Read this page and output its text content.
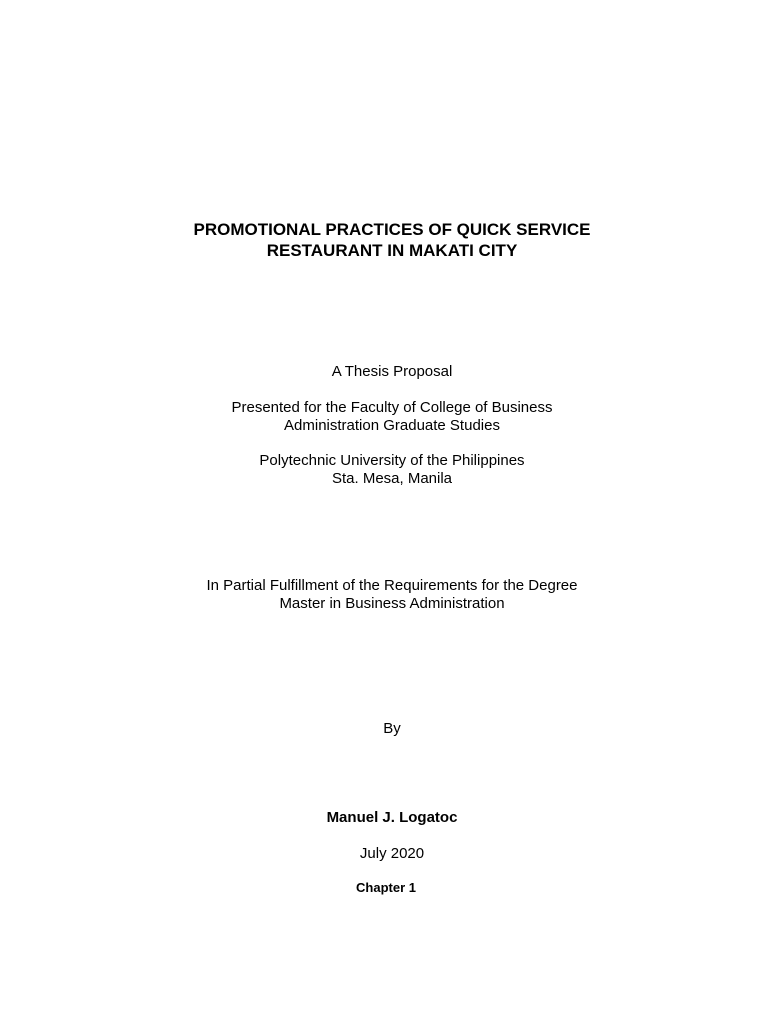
PROMOTIONAL PRACTICES OF QUICK SERVICE
RESTAURANT IN MAKATI CITY
A Thesis Proposal
Presented for the Faculty of College of Business
Administration Graduate Studies
Polytechnic University of the Philippines
Sta. Mesa, Manila
In Partial Fulfillment of the Requirements for the Degree
Master in Business Administration
By
Manuel J. Logatoc
July 2020
Chapter 1
